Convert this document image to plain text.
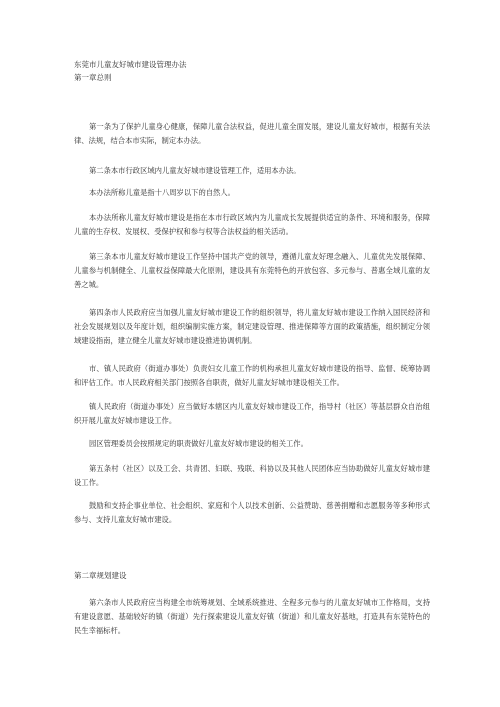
东莞市儿童友好城市建设管理办法
第一章总则
第一条为了保护儿童身心健康，保障儿童合法权益，促进儿童全面发展，建设儿童友好城市，根据有关法律、法规，结合本市实际，制定本办法。
第二条本市行政区域内儿童友好城市建设管理工作，适用本办法。
本办法所称儿童是指十八周岁以下的自然人。
本办法所称儿童友好城市建设是指在本市行政区域内为儿童成长发展提供适宜的条件、环境和服务，保障儿童的生存权、发展权、受保护权和参与权等合法权益的相关活动。
第三条本市儿童友好城市建设工作坚持中国共产党的领导，遵循儿童友好理念融入、儿童优先发展保障、儿童参与机制健全、儿童权益保障最大化原则，建设具有东莞特色的开放包容、多元参与、普惠全域儿童的友善之城。
第四条市人民政府应当加强儿童友好城市建设工作的组织领导，将儿童友好城市建设工作纳入国民经济和社会发展规划以及年度计划，组织编制实施方案，制定建设管理、推进保障等方面的政策措施，组织制定分领域建设指南，建立健全儿童友好城市建设推进协调机制。
市、镇人民政府（街道办事处）负责妇女儿童工作的机构承担儿童友好城市建设的指导、监督、统筹协调和评估工作。市人民政府相关部门按照各自职责，做好儿童友好城市建设相关工作。
镇人民政府（街道办事处）应当做好本辖区内儿童友好城市建设工作，指导村（社区）等基层群众自治组织开展儿童友好城市建设工作。
园区管理委员会按照规定的职责做好儿童友好城市建设的相关工作。
第五条村（社区）以及工会、共青团、妇联、残联、科协以及其他人民团体应当协助做好儿童友好城市建设工作。
鼓励和支持企事业单位、社会组织、家庭和个人以技术创新、公益赞助、慈善捐赠和志愿服务等多种形式参与、支持儿童友好城市建设。
第二章规划建设
第六条市人民政府应当构建全市统筹规划、全域系统推进、全程多元参与的儿童友好城市工作格局，支持有建设意愿、基础较好的镇（街道）先行探索建设儿童友好镇（街道）和儿童友好基地，打造具有东莞特色的民生幸福标杆。
